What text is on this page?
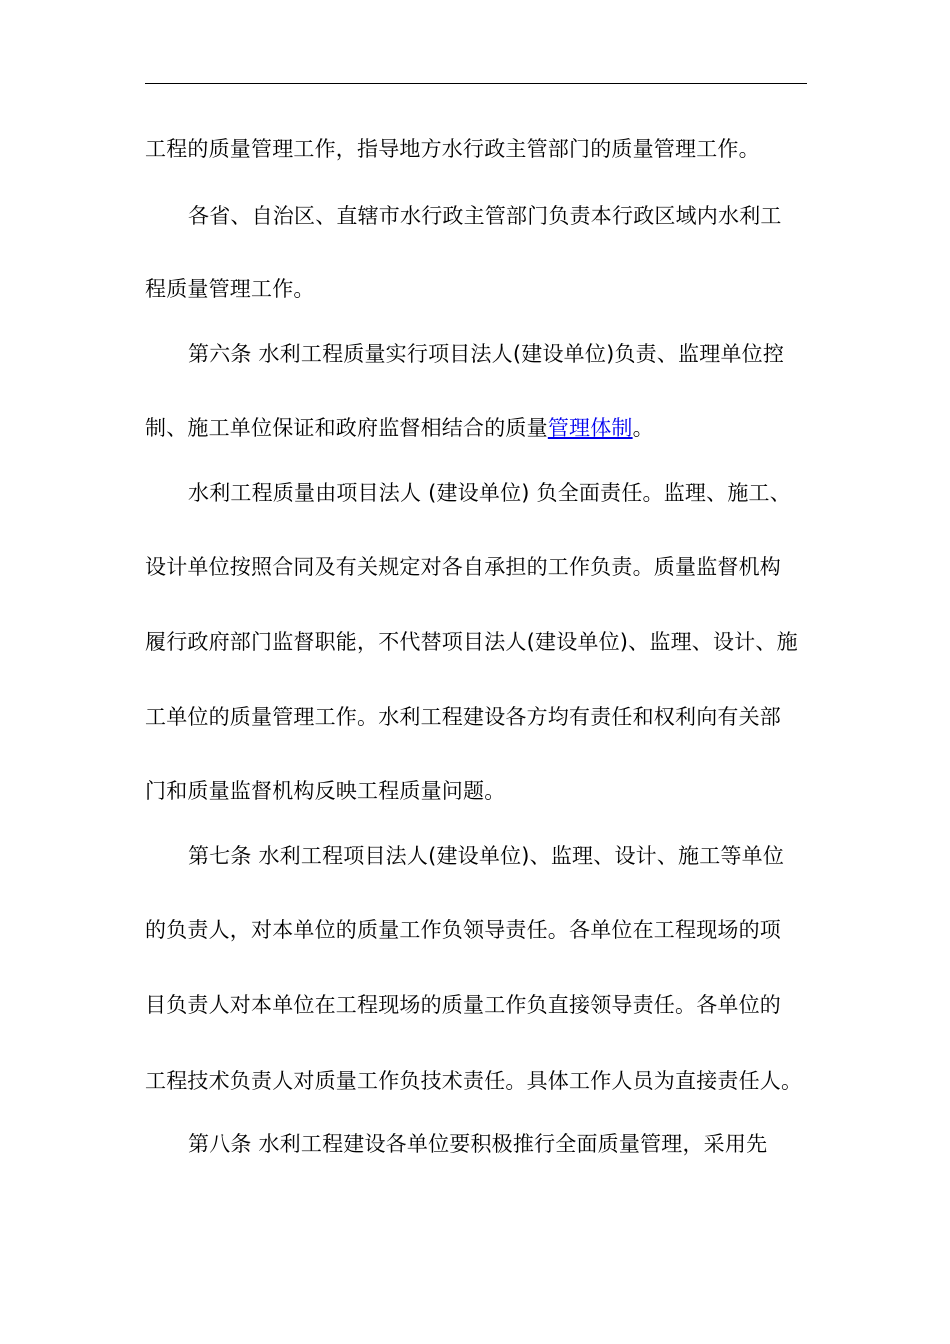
工程的质量管理工作，指导地方水行政主管部门的质量管理工作。
各省、自治区、直辖市水行政主管部门负责本行政区域内水利工
程质量管理工作。
第六条 水利工程质量实行项目法人(建设单位)负责、监理单位控
制、施工单位保证和政府监督相结合的质量管理体制。
水利工程质量由项目法人 (建设单位) 负全面责任。监理、施工、
设计单位按照合同及有关规定对各自承担的工作负责。质量监督机构
履行政府部门监督职能，不代替项目法人(建设单位)、监理、设计、施
工单位的质量管理工作。水利工程建设各方均有责任和权利向有关部
门和质量监督机构反映工程质量问题。
第七条 水利工程项目法人(建设单位)、监理、设计、施工等单位
的负责人，对本单位的质量工作负领导责任。各单位在工程现场的项
目负责人对本单位在工程现场的质量工作负直接领导责任。各单位的
工程技术负责人对质量工作负技术责任。具体工作人员为直接责任人。
第八条 水利工程建设各单位要积极推行全面质量管理，采用先
